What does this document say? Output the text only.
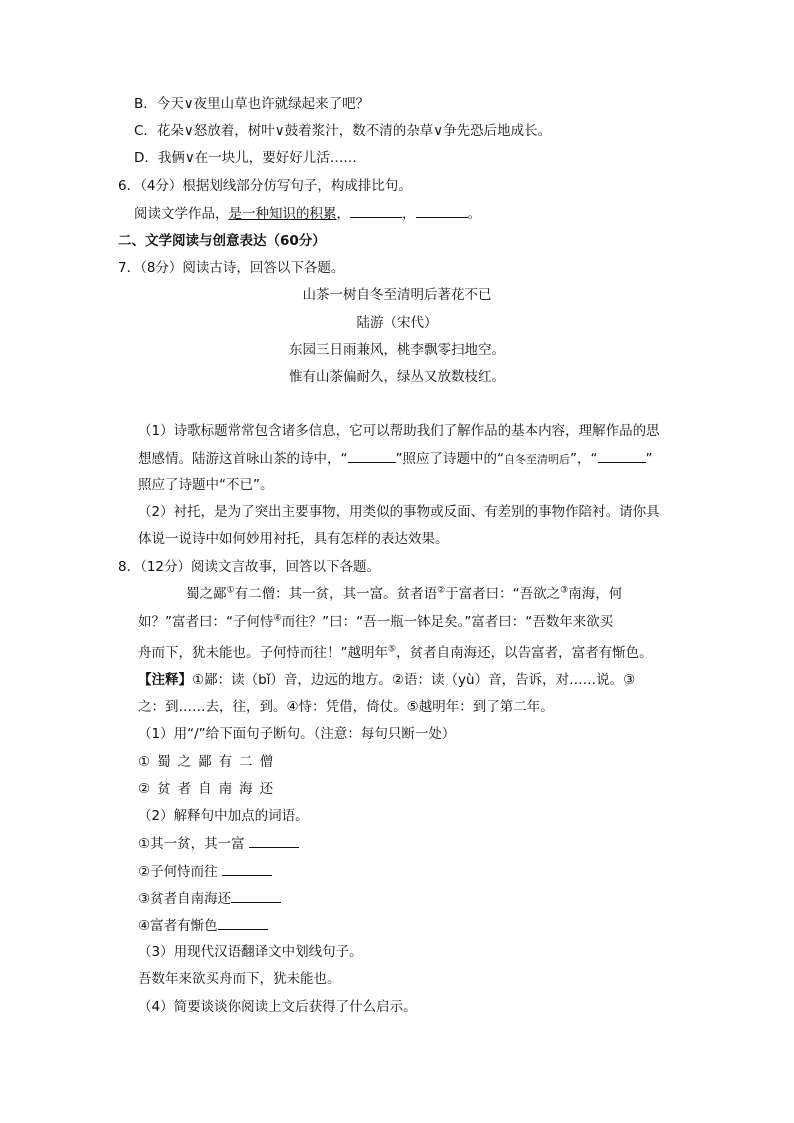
B．今天∨夜里山草也许就绿起来了吧？
C．花朵∨怒放着，树叶∨鼓着浆汁，数不清的杂草∨争先恐后地成长。
D．我俩∨在一块儿，要好好儿活……
6．（4分）根据划线部分仿写句子，构成排比句。
阅读文学作品，是一种知识的积累，	，	。
二、文学阅读与创意表达（60分）
7．（8分）阅读古诗，回答以下各题。
山茶一树自冬至清明后著花不已
陆游（宋代）
东园三日雨兼风，桃李飘零扫地空。
惟有山茶偏耐久，绿丛又放数枝红。
（1）诗歌标题常常包含诸多信息，它可以帮助我们了解作品的基本内容，理解作品的思
想感情。陆游这首咏山茶的诗中，“	”照应了诗题中的“自冬至清明后”，“	”
照应了诗题中“不已”。
（2）衬托，是为了突出主要事物，用类似的事物或反面、有差别的事物作陪衬。请你具
体说一说诗中如何妙用衬托，具有怎样的表达效果。
8．（12分）阅读文言故事，回答以下各题。
蜀之鄙①有二僧：其一贫，其一富。贫者语②于富者曰：“吾欲之③南海，何
如？”富者曰：“子何恃④而往？”曰：“吾一瓶一钵足矣。”富者曰：“吾数年来欲买
舟而下，犹未能也。子何恃而往！”越明年⑤，贫者自南海还，以告富者，富者有惭色。
【注释】①鄙：读（bǐ）音，边远的地方。②语：读（yù）音，告诉，对……说。③
之：到……去，往，到。④恃：凭借，倚仗。⑤越明年：到了第二年。
（1）用“/”给下面句子断句。（注意：每句只断一处）
①蜀之鄙有二僧
②贫者自南海还
（2）解释句中加点的词语。
①其一贫，其一富
②子何恃而往
③贫者自南海还
④富者有惭色
（3）用现代汉语翻译文中划线句子。
吾数年来欲买舟而下，犹未能也。
（4）简要谈谈你阅读上文后获得了什么启示。
